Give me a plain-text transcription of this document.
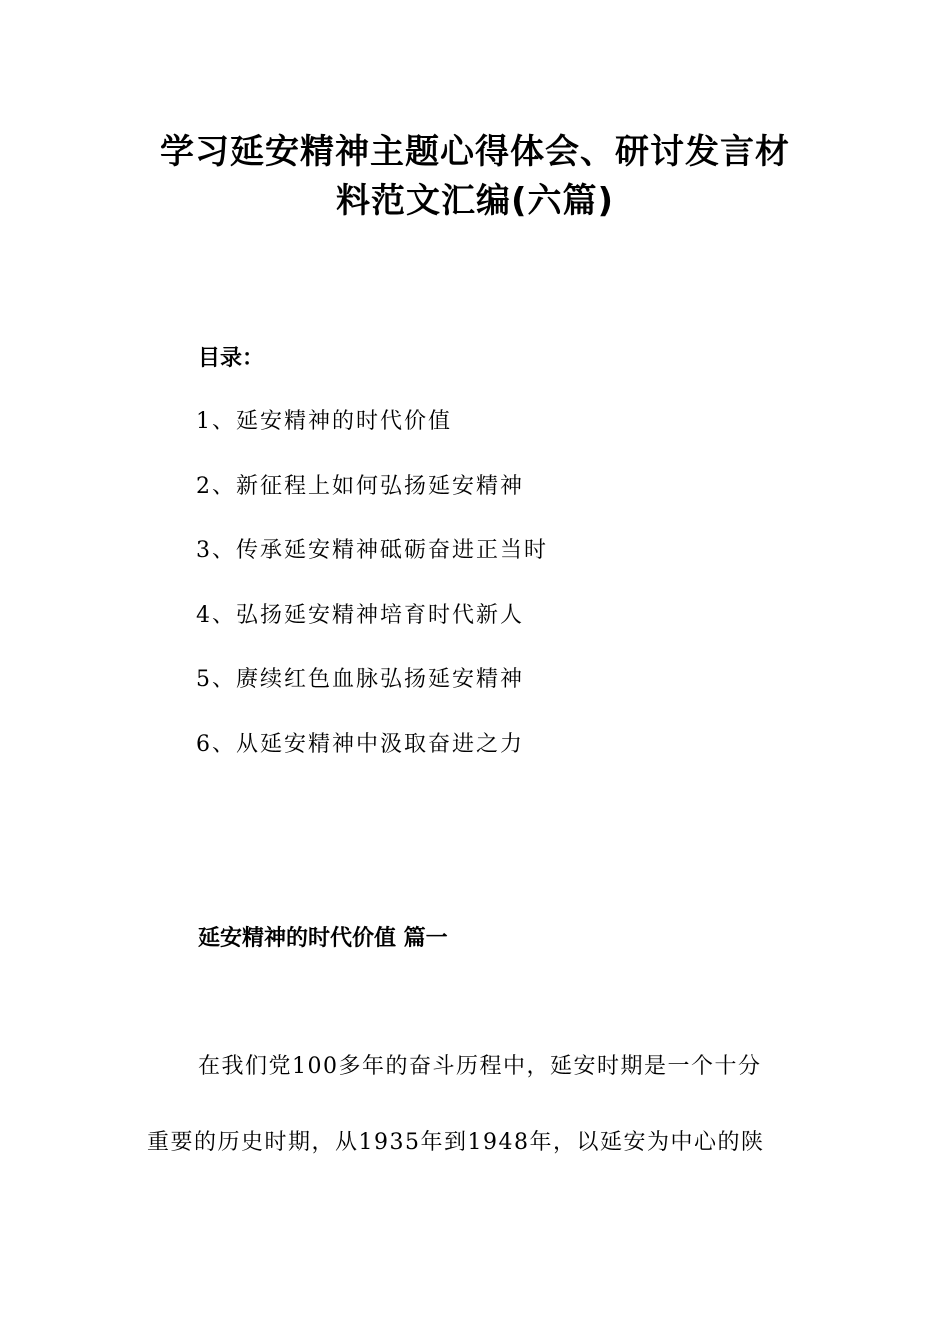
学习延安精神主题心得体会、研讨发言材
料范文汇编(六篇)
目录：
1、延安精神的时代价值
2、新征程上如何弘扬延安精神
3、传承延安精神砥砺奋进正当时
4、弘扬延安精神培育时代新人
5、赓续红色血脉弘扬延安精神
6、从延安精神中汲取奋进之力
延安精神的时代价值 篇一
在我们党100多年的奋斗历程中，延安时期是一个十分
重要的历史时期，从1935年到1948年，以延安为中心的陕
